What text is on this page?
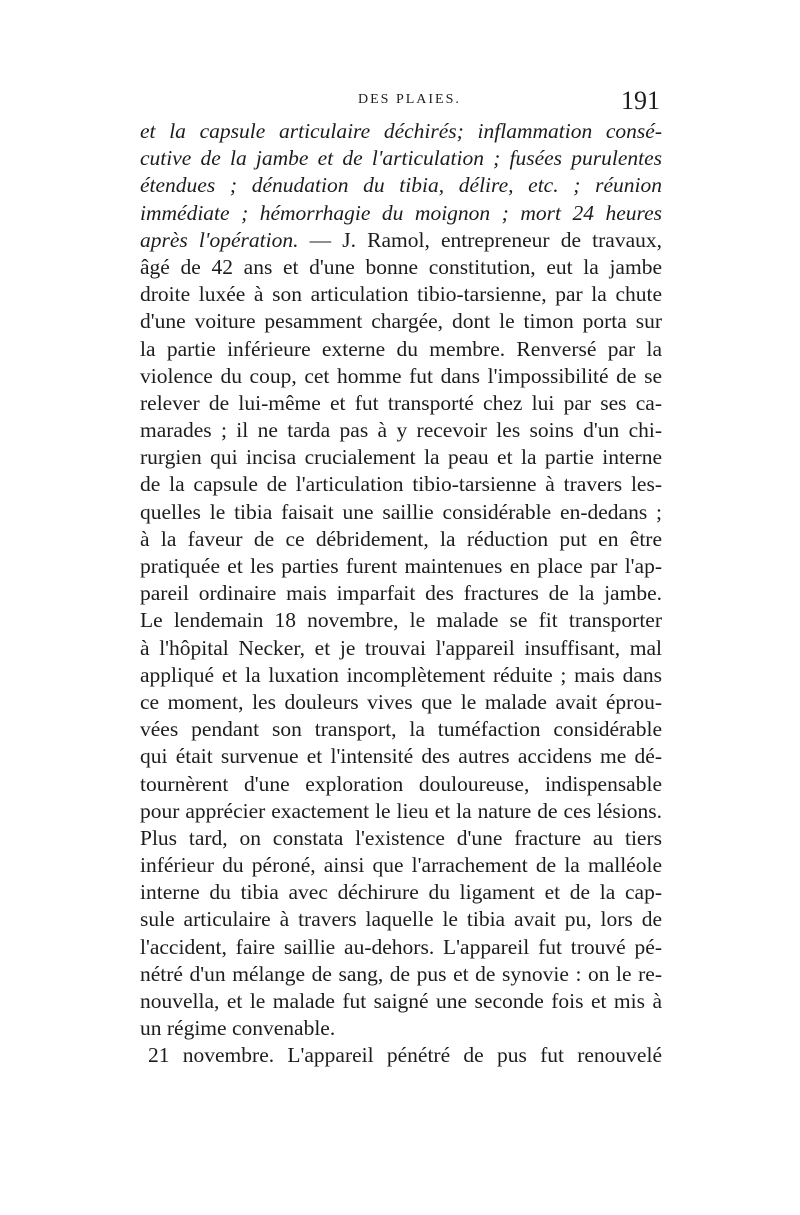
DES PLAIES.	191
et la capsule articulaire déchirés; inflammation consé-
cutive de la jambe et de l'articulation ; fusées purulentes
étendues ; dénudation du tibia, délire, etc. ; réunion
immédiate ; hémorrhagie du moignon ; mort 24 heures
après l'opération. — J. Ramol, entrepreneur de travaux,
âgé de 42 ans et d'une bonne constitution, eut la jambe
droite luxée à son articulation tibio-tarsienne, par la chute
d'une voiture pesamment chargée, dont le timon porta sur
la partie inférieure externe du membre. Renversé par la
violence du coup, cet homme fut dans l'impossibilité de se
relever de lui-même et fut transporté chez lui par ses ca-
marades ; il ne tarda pas à y recevoir les soins d'un chi-
rurgien qui incisa crucialement la peau et la partie interne
de la capsule de l'articulation tibio-tarsienne à travers les-
quelles le tibia faisait une saillie considérable en-dedans ;
à la faveur de ce débridement, la réduction put en être
pratiquée et les parties furent maintenues en place par l'ap-
pareil ordinaire mais imparfait des fractures de la jambe.
Le lendemain 18 novembre, le malade se fit transporter
à l'hôpital Necker, et je trouvai l'appareil insuffisant, mal
appliqué et la luxation incomplètement réduite ; mais dans
ce moment, les douleurs vives que le malade avait éprou-
vées pendant son transport, la tuméfaction considérable
qui était survenue et l'intensité des autres accidens me dé-
tournèrent d'une exploration douloureuse, indispensable
pour apprécier exactement le lieu et la nature de ces lésions.
Plus tard, on constata l'existence d'une fracture au tiers
inférieur du péroné, ainsi que l'arrachement de la malléole
interne du tibia avec déchirure du ligament et de la cap-
sule articulaire à travers laquelle le tibia avait pu, lors de
l'accident, faire saillie au-dehors. L'appareil fut trouvé pé-
nétré d'un mélange de sang, de pus et de synovie : on le re-
nouvella, et le malade fut saigné une seconde fois et mis à
un régime convenable.
21 novembre. L'appareil pénétré de pus fut renouvelé
